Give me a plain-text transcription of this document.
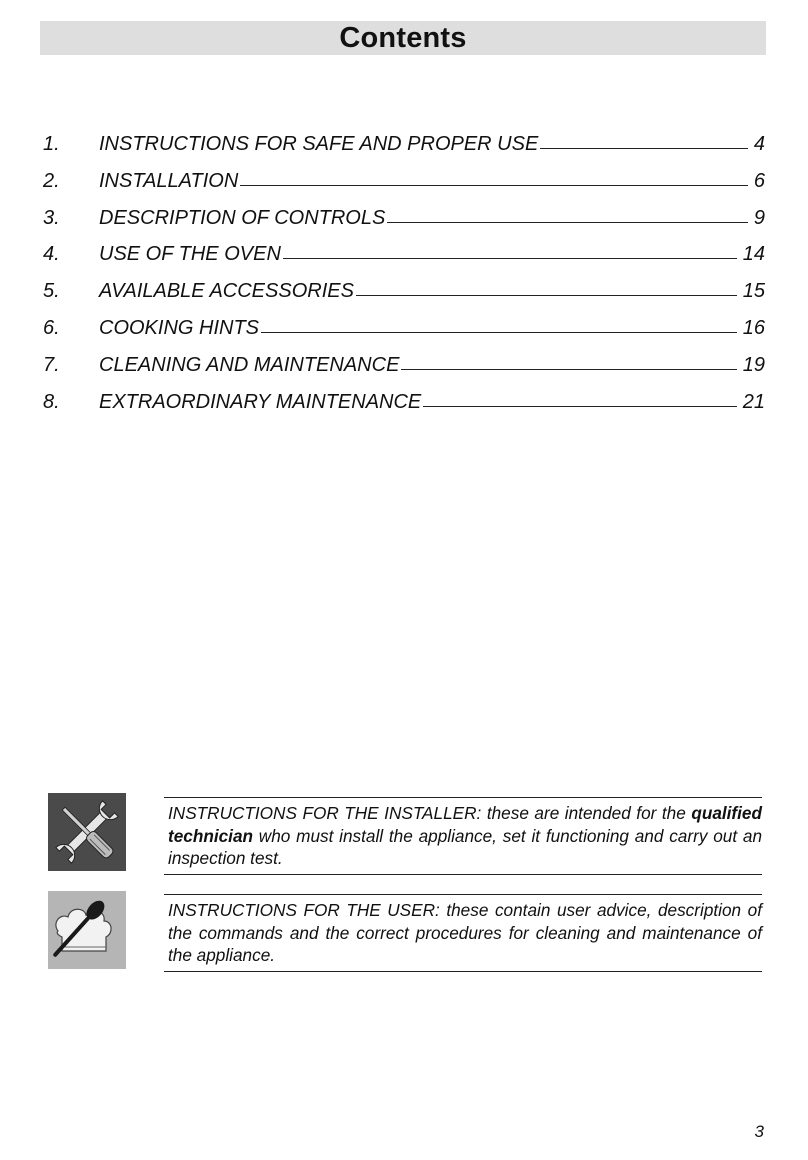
Contents
1.	INSTRUCTIONS FOR SAFE AND PROPER USE	4
2.	INSTALLATION	6
3.	DESCRIPTION OF CONTROLS	9
4.	USE OF THE OVEN	14
5.	AVAILABLE ACCESSORIES	15
6.	COOKING HINTS	16
7.	CLEANING AND MAINTENANCE	19
8.	EXTRAORDINARY MAINTENANCE	21
INSTRUCTIONS FOR THE INSTALLER: these are intended for the qualified technician who must install the appliance, set it functioning and carry out an inspection test.
INSTRUCTIONS FOR THE USER: these contain user advice, description of the commands and the correct procedures for cleaning and maintenance of the appliance.
3
